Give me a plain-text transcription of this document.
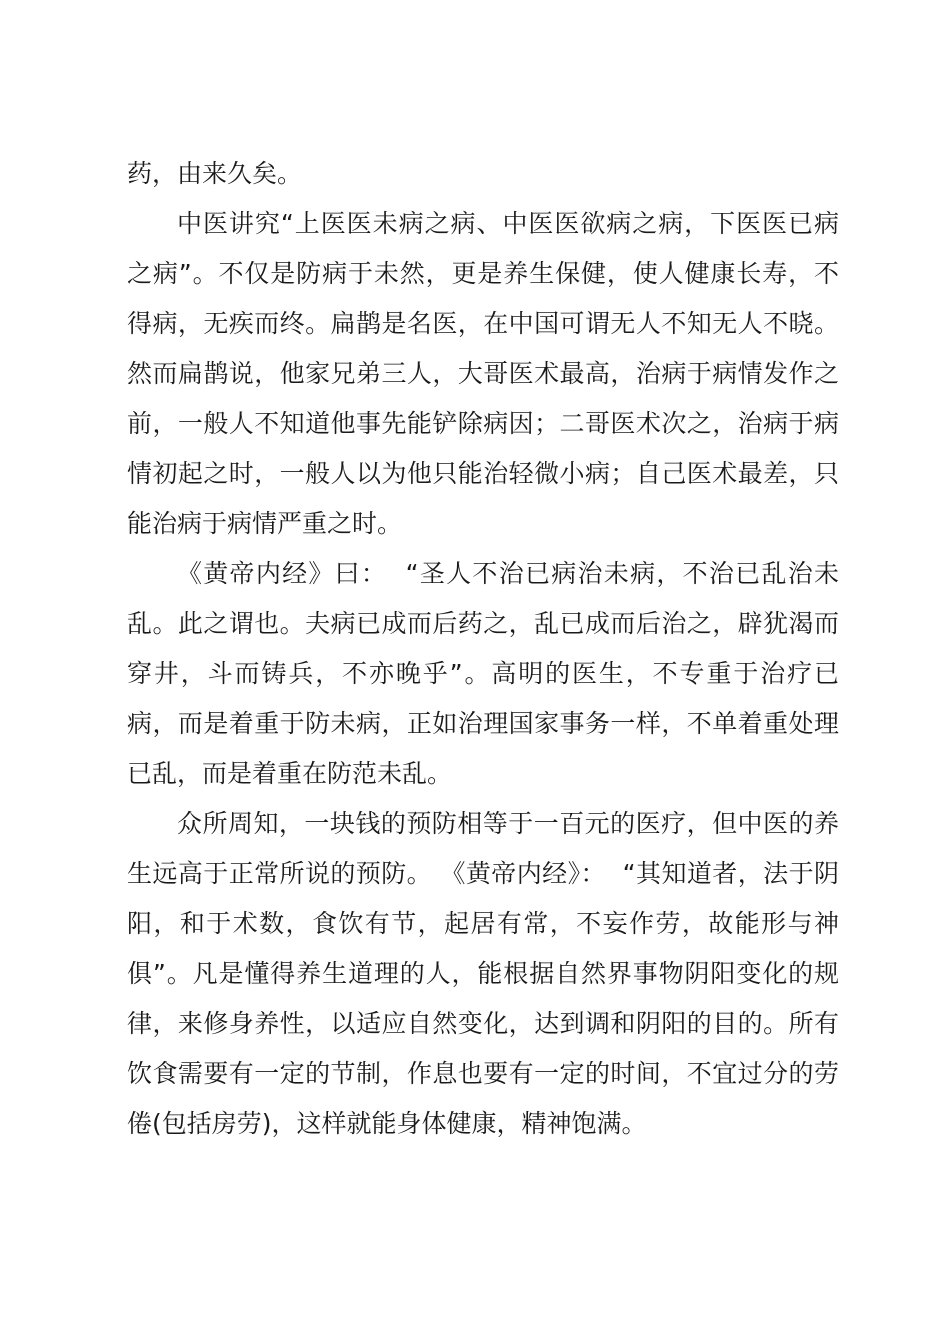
药，由来久矣。

中医讲究“上医医未病之病、中医医欲病之病，下医医已病之病”。不仅是防病于未然，更是养生保健，使人健康长寿，不得病，无疾而终。扁鹊是名医，在中国可谓无人不知无人不晓。然而扁鹊说，他家兄弟三人，大哥医术最高，治病于病情发作之前，一般人不知道他事先能铲除病因；二哥医术次之，治病于病情初起之时，一般人以为他只能治轻微小病；自己医术最差，只能治病于病情严重之时。

《黄帝内经》曰：  “圣人不治已病治未病，不治已乱治未乱。此之谓也。夫病已成而后药之，乱已成而后治之，辟犹渴而穿井，斗而铸兵，不亦晚乎”。高明的医生，不专重于治疗已病，而是着重于防未病，正如治理国家事务一样，不单着重处理已乱，而是着重在防范未乱。

众所周知，一块钱的预防相等于一百元的医疗，但中医的养生远高于正常所说的预防。 《黄帝内经》：  “其知道者，法于阴阳，和于术数，食饮有节，起居有常，不妄作劳，故能形与神俱”。凡是懂得养生道理的人，能根据自然界事物阴阳变化的规律，来修身养性，以适应自然变化，达到调和阴阳的目的。所有饮食需要有一定的节制，作息也要有一定的时间，不宜过分的劳倦(包括房劳)，这样就能身体健康，精神饱满。
